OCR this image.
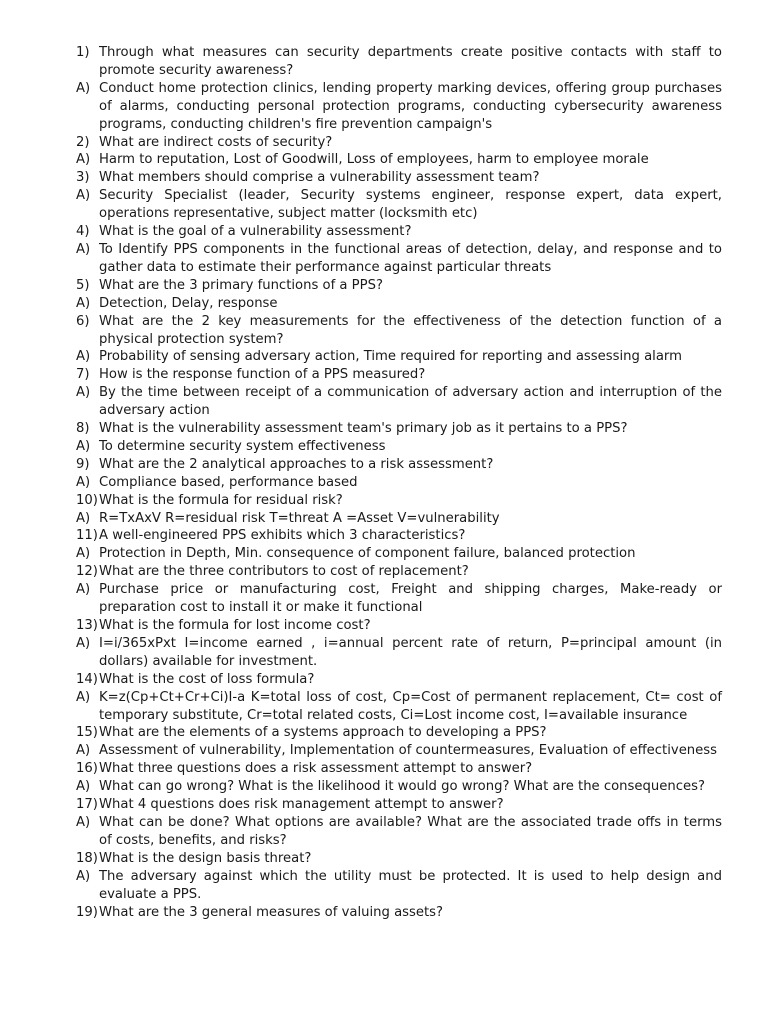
1) Through what measures can security departments create positive contacts with staff to promote security awareness?
A) Conduct home protection clinics, lending property marking devices, offering group purchases of alarms, conducting personal protection programs, conducting cybersecurity awareness programs, conducting children's fire prevention campaign's
2) What are indirect costs of security?
A) Harm to reputation, Lost of Goodwill, Loss of employees, harm to employee morale
3) What members should comprise a vulnerability assessment team?
A) Security Specialist (leader, Security systems engineer, response expert, data expert, operations representative, subject matter (locksmith etc)
4) What is the goal of a vulnerability assessment?
A) To Identify PPS components in the functional areas of detection, delay, and response and to gather data to estimate their performance against particular threats
5) What are the 3 primary functions of a PPS?
A) Detection, Delay, response
6) What are the 2 key measurements for the effectiveness of the detection function of a physical protection system?
A) Probability of sensing adversary action, Time required for reporting and assessing alarm
7) How is the response function of a PPS measured?
A) By the time between receipt of a communication of adversary action and interruption of the adversary action
8) What is the vulnerability assessment team's primary job as it pertains to a PPS?
A) To determine security system effectiveness
9) What are the 2 analytical approaches to a risk assessment?
A) Compliance based, performance based
10) What is the formula for residual risk?
A) R=TxAxV R=residual risk T=threat A =Asset V=vulnerability
11) A well-engineered PPS exhibits which 3 characteristics?
A) Protection in Depth, Min. consequence of component failure, balanced protection
12) What are the three contributors to cost of replacement?
A) Purchase price or manufacturing cost, Freight and shipping charges, Make-ready or preparation cost to install it or make it functional
13) What is the formula for lost income cost?
A) I=i/365xPxt I=income earned , i=annual percent rate of return, P=principal amount (in dollars) available for investment.
14) What is the cost of loss formula?
A) K=z(Cp+Ct+Cr+Ci)I-a K=total loss of cost, Cp=Cost of permanent replacement, Ct= cost of temporary substitute, Cr=total related costs, Ci=Lost income cost, I=available insurance
15) What are the elements of a systems approach to developing a PPS?
A) Assessment of vulnerability, Implementation of countermeasures, Evaluation of effectiveness
16) What three questions does a risk assessment attempt to answer?
A) What can go wrong? What is the likelihood it would go wrong? What are the consequences?
17) What 4 questions does risk management attempt to answer?
A) What can be done? What options are available? What are the associated trade offs in terms of costs, benefits, and risks?
18) What is the design basis threat?
A) The adversary against which the utility must be protected. It is used to help design and evaluate a PPS.
19) What are the 3 general measures of valuing assets?
